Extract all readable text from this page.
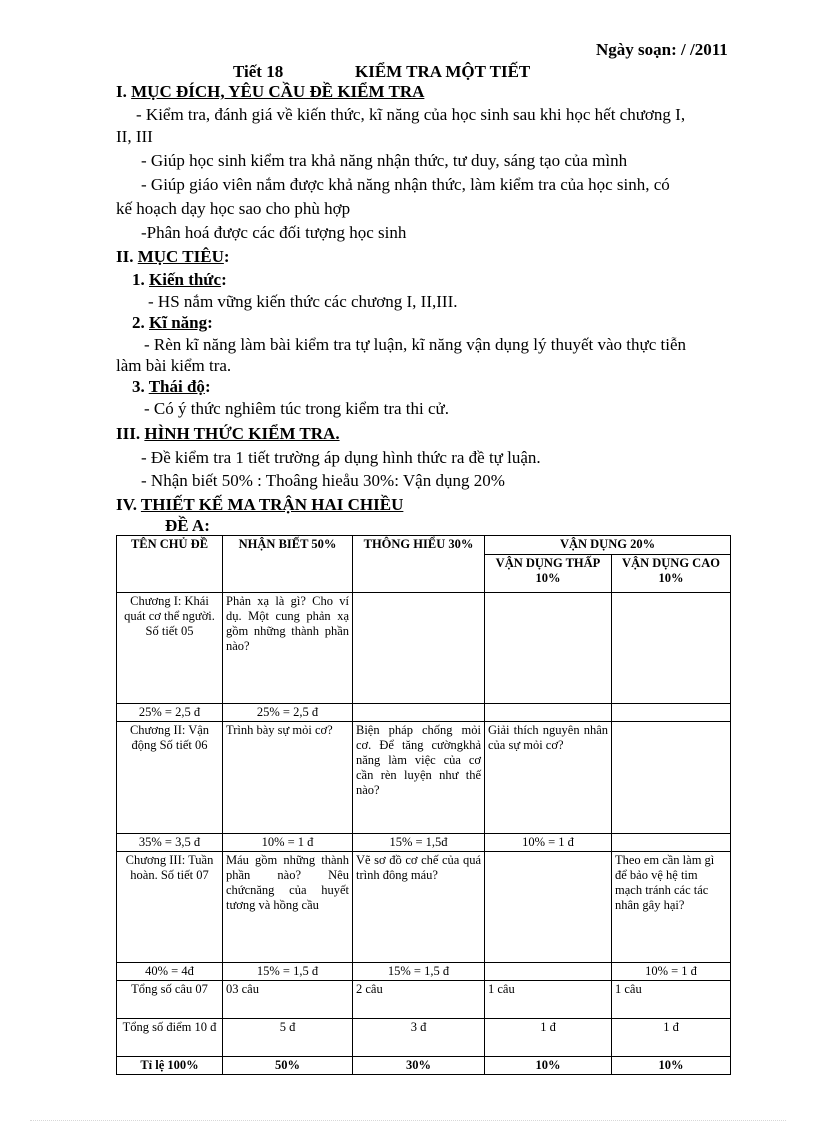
Ngày soạn: / /2011
Tiết 18	KIỂM TRA MỘT TIẾT
I. MỤC ĐÍCH, YÊU CẦU ĐỀ KIỂM TRA
- Kiểm tra, đánh giá về kiến thức, kĩ năng của học sinh sau khi học hết chương I,
II, III
- Giúp học sinh kiểm tra khả năng nhận thức, tư duy, sáng tạo của mình
- Giúp giáo viên nắm được khả năng nhận thức, làm kiểm tra của học sinh, có
kế hoạch dạy học sao cho phù hợp
-Phân hoá được các đối tượng học sinh
II. MỤC TIÊU:
1. Kiến thức:
- HS nắm vững kiến thức các chương I, II,III.
2. Kĩ năng:
- Rèn kĩ năng làm bài kiểm tra tự luận, kĩ năng vận dụng lý thuyết vào thực tiễn
làm bài kiểm tra.
3. Thái độ:
- Có ý thức nghiêm túc trong kiểm tra thi cử.
III. HÌNH THỨC KIỂM TRA.
- Đề kiểm tra 1 tiết trường áp dụng hình thức ra đề tự luận.
- Nhận biết 50% : Thoâng hieåu 30%: Vận dụng 20%
IV. THIẾT KẾ MA TRẬN HAI CHIỀU
ĐỀ A:
TÊN CHỦ ĐỀ	NHẬN BIẾT 50%	THÔNG HIỂU 30%	VẬN DỤNG 20%	
			VẬN DỤNG THẤP 10%	VẬN DỤNG CAO 10%
Chương I: Khái quát cơ thể người. Số tiết 05	Phản xạ là gì? Cho ví dụ. Một cung phản xạ gồm những thành phần nào?			
25% = 2,5 đ	25% = 2,5 đ			
Chương II: Vận động Số tiết 06	Trình bày sự mỏi cơ?	Biện pháp chống mỏi cơ. Để tăng cườngkhả năng làm việc của cơ cần rèn luyện như thế nào?	Giải thích nguyên nhân của sự mỏi cơ?	
35% = 3,5 đ	10% = 1 đ	15% = 1,5đ	10% = 1 đ	
Chương III: Tuần hoàn. Số tiết 07	Máu gồm những thành phần nào? Nêu chứcnăng của huyết tương và hồng cầu	Vẽ sơ đồ cơ chế của quá trình đông máu?		Theo em cần làm gì để bảo vệ hệ tim mạch tránh các tác nhân gây hại?
40% = 4đ	15% = 1,5 đ	15% = 1,5 đ		10% = 1 đ
Tổng số câu 07	03 câu	2 câu	1 câu	1 câu
Tổng số điểm 10 đ	5 đ	3 đ	1 đ	1 đ
Tỉ lệ 100%	50%	30%	10%	10%
